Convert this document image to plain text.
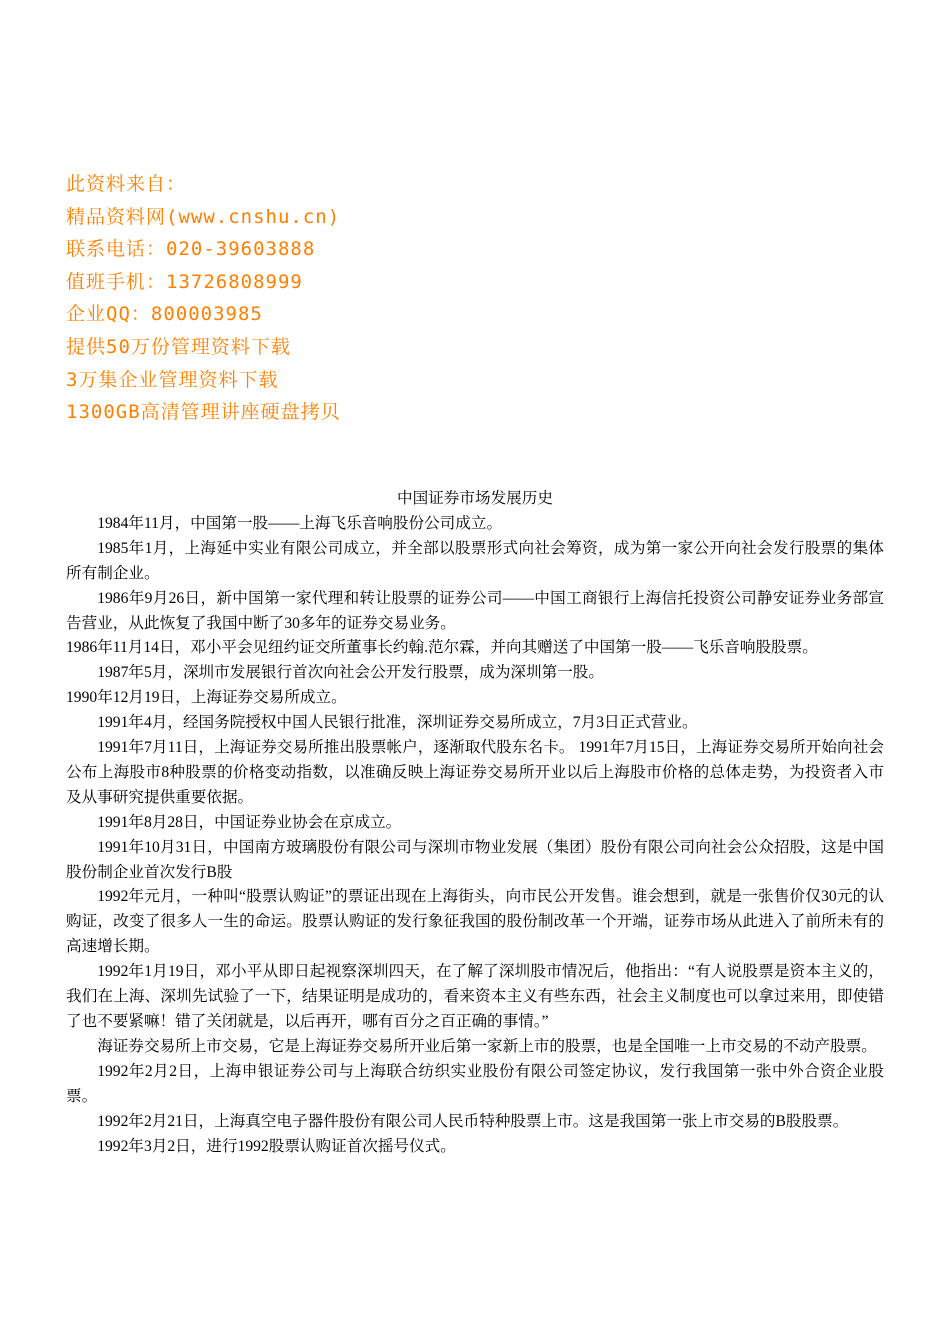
此资料来自：
精品资料网(www.cnshu.cn)
联系电话：020-39603888
值班手机：13726808999
企业QQ：800003985
提供50万份管理资料下载
3万集企业管理资料下载
1300GB高清管理讲座硬盘拷贝
中国证券市场发展历史

1984年11月，中国第一股——上海飞乐音响股份公司成立。

1985年1月，上海延中实业有限公司成立，并全部以股票形式向社会筹资，成为第一家公开向社会发行股票的集体所有制企业。

1986年9月26日，新中国第一家代理和转让股票的证券公司——中国工商银行上海信托投资公司静安证券业务部宣告营业，从此恢复了我国中断了30多年的证券交易业务。

1986年11月14日，邓小平会见纽约证交所董事长约翰.范尔霖，并向其赠送了中国第一股——飞乐音响股股票。

1987年5月，深圳市发展银行首次向社会公开发行股票，成为深圳第一股。

1990年12月19日，上海证券交易所成立。

1991年4月，经国务院授权中国人民银行批准，深圳证券交易所成立，7月3日正式营业。

1991年7月11日，上海证券交易所推出股票帐户，逐渐取代股东名卡。 1991年7月15日，上海证券交易所开始向社会公布上海股市8种股票的价格变动指数，以准确反映上海证券交易所开业以后上海股市价格的总体走势，为投资者入市及从事研究提供重要依据。

1991年8月28日，中国证券业协会在京成立。

1991年10月31日，中国南方玻璃股份有限公司与深圳市物业发展（集团）股份有限公司向社会公众招股，这是中国股份制企业首次发行B股

1992年元月，一种叫“股票认购证”的票证出现在上海街头，向市民公开发售。谁会想到，就是一张售价仅30元的认购证，改变了很多人一生的命运。股票认购证的发行象征我国的股份制改革一个开端，证券市场从此进入了前所未有的高速增长期。

1992年1月19日，邓小平从即日起视察深圳四天，在了解了深圳股市情况后，他指出：“有人说股票是资本主义的，我们在上海、深圳先试验了一下，结果证明是成功的，看来资本主义有些东西，社会主义制度也可以拿过来用，即使错了也不要紧嘛！错了关闭就是，以后再开，哪有百分之百正确的事情。”

海证券交易所上市交易，它是上海证券交易所开业后第一家新上市的股票，也是全国唯一上市交易的不动产股票。

1992年2月2日，上海申银证券公司与上海联合纺织实业股份有限公司签定协议，发行我国第一张中外合资企业股票。

1992年2月21日，上海真空电子器件股份有限公司人民币特种股票上市。这是我国第一张上市交易的B股股票。

1992年3月2日，进行1992股票认购证首次摇号仪式。
